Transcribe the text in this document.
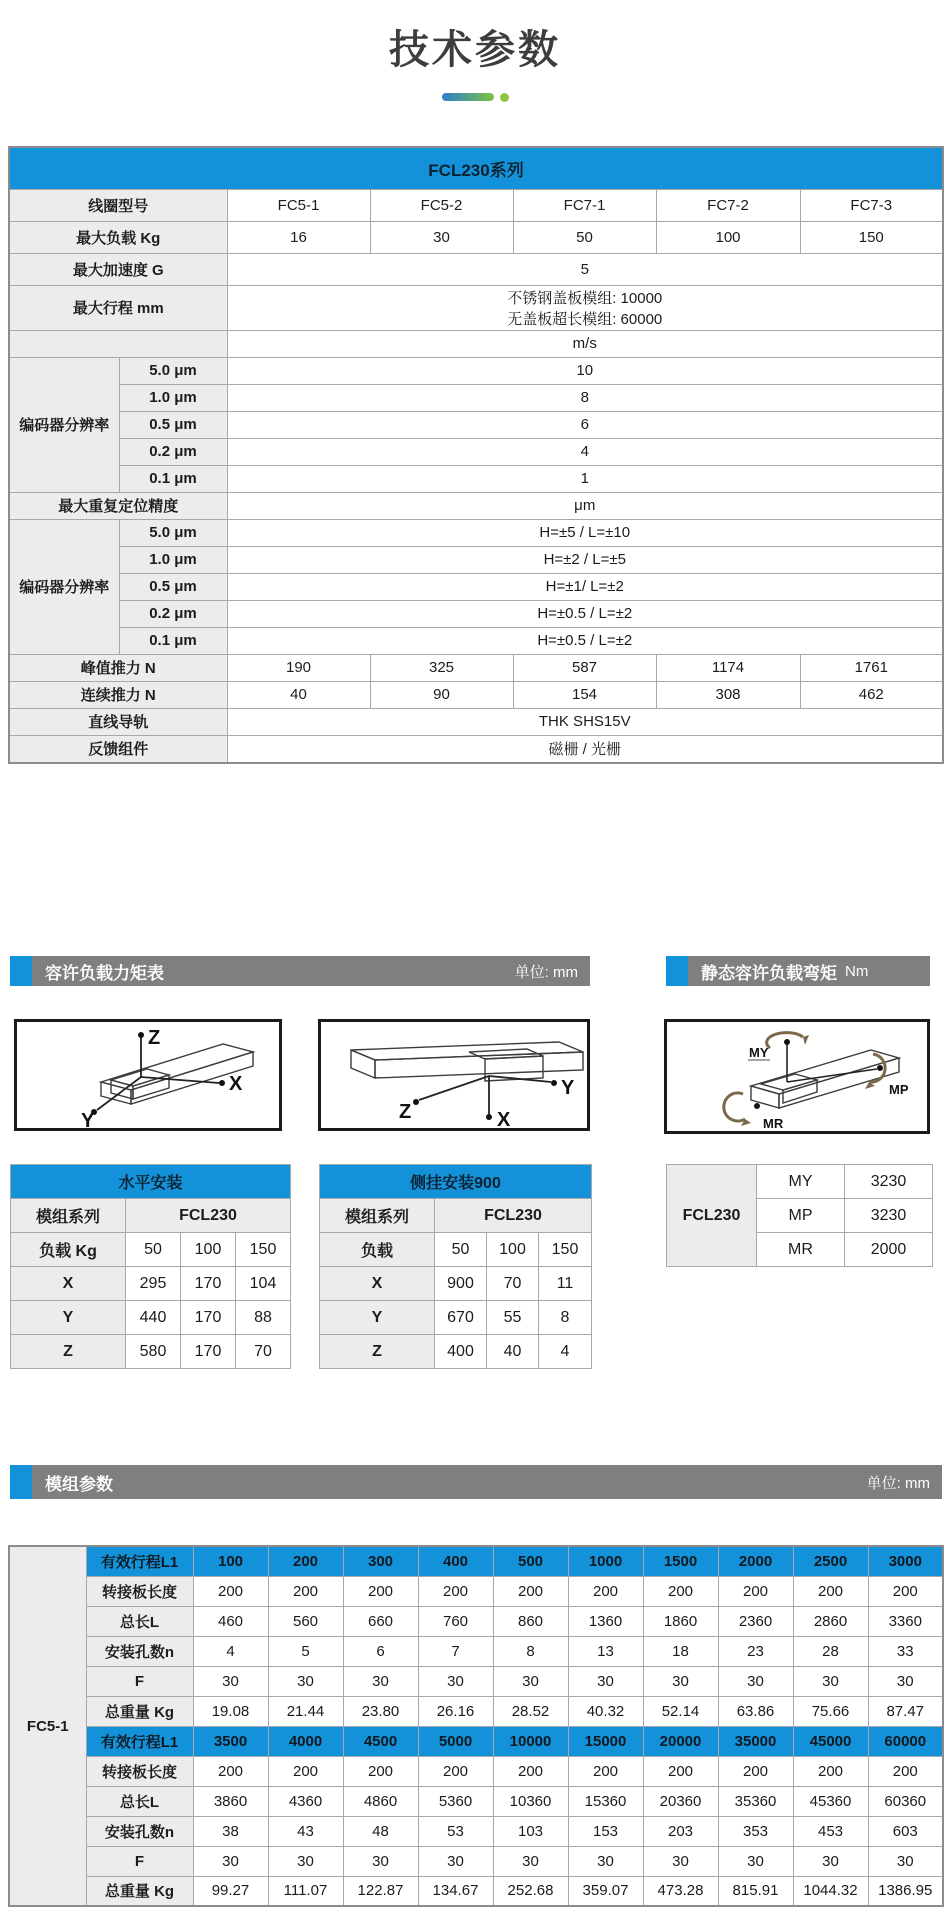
技术参数
FCL230系列						
线圈型号		FC5-1	FC5-2	FC7-1	FC7-2	FC7-3
最大负载 Kg		16	30	50	100	150
最大加速度 G		5				
最大行程 mm		不锈钢盖板模组: 10000
无盖板超长模组: 60000				

		m/s				
编码器分辨率	5.0 μm	10				
	1.0 μm	8				
	0.5 μm	6				
	0.2 μm	4				
	0.1 μm	1				
最大重复定位精度		μm				
编码器分辨率	5.0 μm	H=±5 / L=±10				
	1.0 μm	H=±2 / L=±5				
	0.5 μm	H=±1/ L=±2				
	0.2 μm	H=±0.5 / L=±2				
	0.1 μm	H=±0.5 / L=±2				
峰值推力 N		190	325	587	1174	1761
连续推力 N		40	90	154	308	462
直线导轨		THK SHS15V				
反馈组件		磁栅 / 光栅				
容许负载力矩表	单位: mm	静态容许负载弯矩 Nm
Z
X
Y	Z
Y
X
MY
MP
MR
水平安装			
模组系列	FCL230		
负载 Kg	50	100	150
X	295	170	104
Y	440	170	88
Z	580	170	70
侧挂安装900			
模组系列	FCL230		
负载	50	100	150
X	900	70	11
Y	670	55	8
Z	400	40	4
FCL230	MY	3230
	MP	3230
	MR	2000
模组参数	单位: mm
FC5-1	有效行程L1	100	200	300	400	500	1000	1500	2000	2500	3000
	转接板长度	200	200	200	200	200	200	200	200	200	200
	总长L	460	560	660	760	860	1360	1860	2360	2860	3360
	安装孔数n	4	5	6	7	8	13	18	23	28	33
	F	30	30	30	30	30	30	30	30	30	30
	总重量 Kg	19.08	21.44	23.80	26.16	28.52	40.32	52.14	63.86	75.66	87.47
	有效行程L1	3500	4000	4500	5000	10000	15000	20000	35000	45000	60000
	转接板长度	200	200	200	200	200	200	200	200	200	200
	总长L	3860	4360	4860	5360	10360	15360	20360	35360	45360	60360
	安装孔数n	38	43	48	53	103	153	203	353	453	603
	F	30	30	30	30	30	30	30	30	30	30
	总重量 Kg	99.27	111.07	122.87	134.67	252.68	359.07	473.28	815.91	1044.32	1386.95
